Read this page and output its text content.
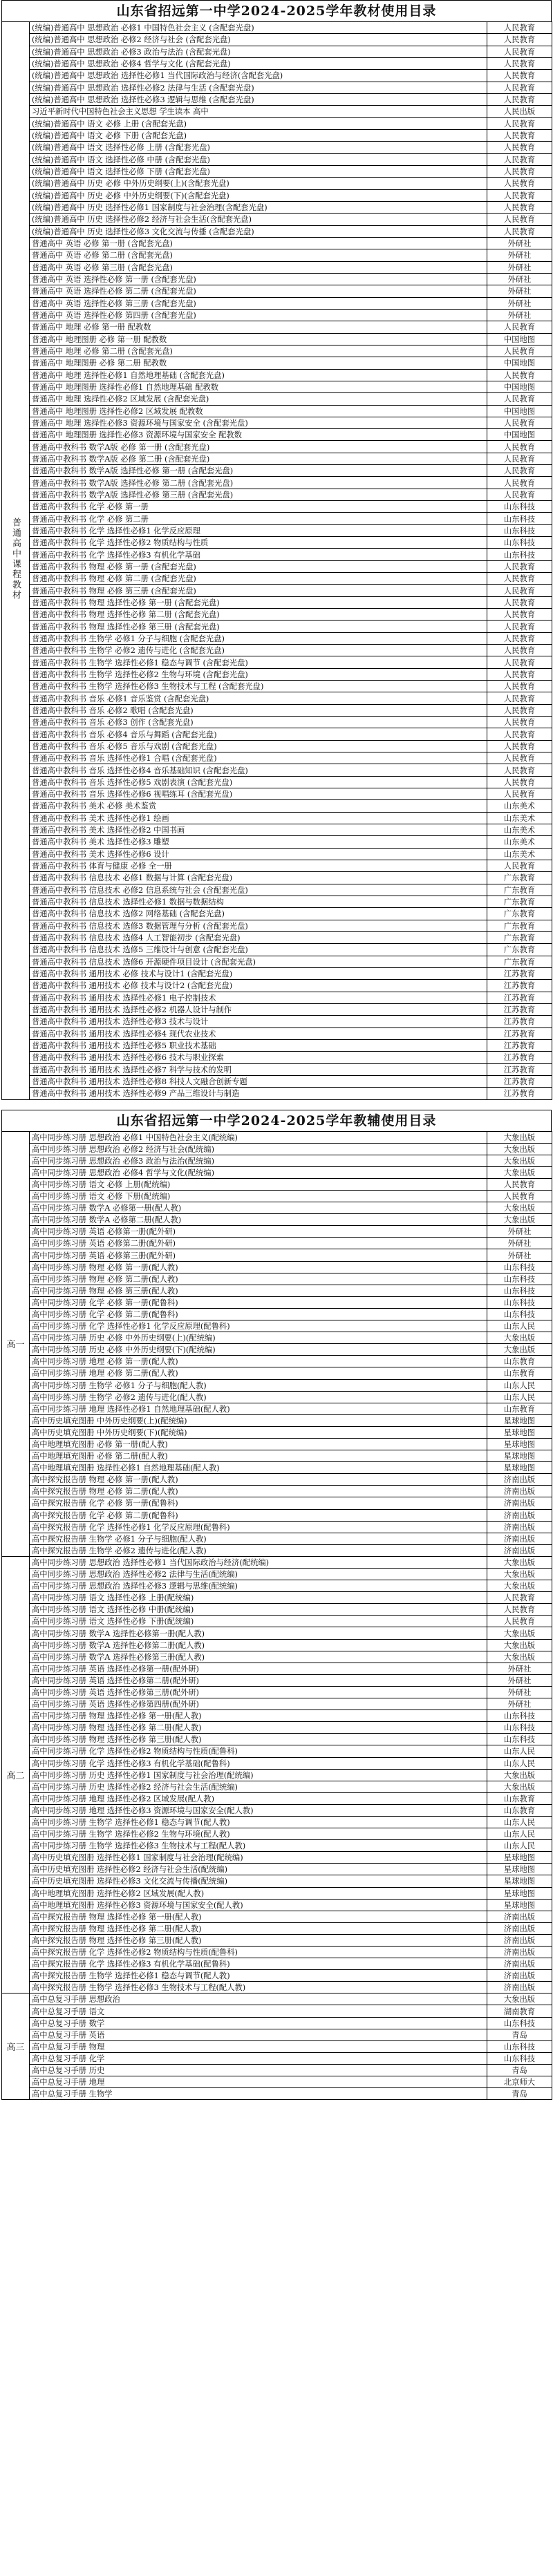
山东省招远第一中学2024-2025学年教材使用目录
普通高中课程教材	(统编)普通高中 思想政治 必修1 中国特色社会主义 (含配套光盘)	人民教育
	(统编)普通高中 思想政治 必修2 经济与社会 (含配套光盘)	人民教育
	(统编)普通高中 思想政治 必修3 政治与法治 (含配套光盘)	人民教育
	(统编)普通高中 思想政治 必修4 哲学与文化 (含配套光盘)	人民教育
	(统编)普通高中 思想政治 选择性必修1 当代国际政治与经济(含配套光盘)	人民教育
	(统编)普通高中 思想政治 选择性必修2 法律与生活 (含配套光盘)	人民教育
	(统编)普通高中 思想政治 选择性必修3 逻辑与思维 (含配套光盘)	人民教育
	习近平新时代中国特色社会主义思想 学生读本 高中	人民出版
	(统编)普通高中 语文 必修 上册 (含配套光盘)	人民教育
	(统编)普通高中 语文 必修 下册 (含配套光盘)	人民教育
	(统编)普通高中 语文 选择性必修 上册 (含配套光盘)	人民教育
	(统编)普通高中 语文 选择性必修 中册 (含配套光盘)	人民教育
	(统编)普通高中 语文 选择性必修 下册 (含配套光盘)	人民教育
	(统编)普通高中 历史 必修 中外历史纲要(上)(含配套光盘)	人民教育
	(统编)普通高中 历史 必修 中外历史纲要(下)(含配套光盘)	人民教育
	(统编)普通高中 历史 选择性必修1 国家制度与社会治理(含配套光盘)	人民教育
	(统编)普通高中 历史 选择性必修2 经济与社会生活(含配套光盘)	人民教育
	(统编)普通高中 历史 选择性必修3 文化交流与传播 (含配套光盘)	人民教育
	普通高中 英语 必修 第一册 (含配套光盘)	外研社
	普通高中 英语 必修 第二册 (含配套光盘)	外研社
	普通高中 英语 必修 第三册 (含配套光盘)	外研社
	普通高中 英语 选择性必修 第一册 (含配套光盘)	外研社
	普通高中 英语 选择性必修 第二册 (含配套光盘)	外研社
	普通高中 英语 选择性必修 第三册 (含配套光盘)	外研社
	普通高中 英语 选择性必修 第四册 (含配套光盘)	外研社
	普通高中 地理 必修 第一册 配教数	人民教育
	普通高中 地理图册 必修 第一册 配教数	中国地图
	普通高中 地理 必修 第二册 (含配套光盘)	人民教育
	普通高中 地理图册 必修 第二册 配教数	中国地图
	普通高中 地理 选择性必修1 自然地理基础 (含配套光盘)	人民教育
	普通高中 地理图册 选择性必修1 自然地理基础 配教数	中国地图
	普通高中 地理 选择性必修2 区域发展 (含配套光盘)	人民教育
	普通高中 地理图册 选择性必修2 区域发展 配教数	中国地图
	普通高中 地理 选择性必修3 资源环境与国家安全 (含配套光盘)	人民教育
	普通高中 地理图册 选择性必修3 资源环境与国家安全 配教数	中国地图
	普通高中教科书 数学A版 必修 第一册 (含配套光盘)	人民教育
	普通高中教科书 数学A版 必修 第二册 (含配套光盘)	人民教育
	普通高中教科书 数学A版 选择性必修 第一册 (含配套光盘)	人民教育
	普通高中教科书 数学A版 选择性必修 第二册 (含配套光盘)	人民教育
	普通高中教科书 数学A版 选择性必修 第三册 (含配套光盘)	人民教育
	普通高中教科书 化学 必修 第一册	山东科技
	普通高中教科书 化学 必修 第二册	山东科技
	普通高中教科书 化学 选择性必修1 化学反应原理	山东科技
	普通高中教科书 化学 选择性必修2 物质结构与性质	山东科技
	普通高中教科书 化学 选择性必修3 有机化学基础	山东科技
	普通高中教科书 物理 必修 第一册 (含配套光盘)	人民教育
	普通高中教科书 物理 必修 第二册 (含配套光盘)	人民教育
	普通高中教科书 物理 必修 第三册 (含配套光盘)	人民教育
	普通高中教科书 物理 选择性必修 第一册 (含配套光盘)	人民教育
	普通高中教科书 物理 选择性必修 第二册 (含配套光盘)	人民教育
	普通高中教科书 物理 选择性必修 第三册 (含配套光盘)	人民教育
	普通高中教科书 生物学 必修1 分子与细胞 (含配套光盘)	人民教育
	普通高中教科书 生物学 必修2 遗传与进化 (含配套光盘)	人民教育
	普通高中教科书 生物学 选择性必修1 稳态与调节 (含配套光盘)	人民教育
	普通高中教科书 生物学 选择性必修2 生物与环境 (含配套光盘)	人民教育
	普通高中教科书 生物学 选择性必修3 生物技术与工程 (含配套光盘)	人民教育
	普通高中教科书 音乐 必修1 音乐鉴赏 (含配套光盘)	人民教育
	普通高中教科书 音乐 必修2 歌唱 (含配套光盘)	人民教育
	普通高中教科书 音乐 必修3 创作 (含配套光盘)	人民教育
	普通高中教科书 音乐 必修4 音乐与舞蹈 (含配套光盘)	人民教育
	普通高中教科书 音乐 必修5 音乐与戏剧 (含配套光盘)	人民教育
	普通高中教科书 音乐 选择性必修1 合唱 (含配套光盘)	人民教育
	普通高中教科书 音乐 选择性必修4 音乐基础知识 (含配套光盘)	人民教育
	普通高中教科书 音乐 选择性必修5 戏剧表演 (含配套光盘)	人民教育
	普通高中教科书 音乐 选择性必修6 视唱练耳 (含配套光盘)	人民教育
	普通高中教科书 美术 必修 美术鉴赏	山东美术
	普通高中教科书 美术 选择性必修1 绘画	山东美术
	普通高中教科书 美术 选择性必修2 中国书画	山东美术
	普通高中教科书 美术 选择性必修3 雕塑	山东美术
	普通高中教科书 美术 选择性必修6 设计	山东美术
	普通高中教科书 体育与健康 必修 全一册	人民教育
	普通高中教科书 信息技术 必修1 数据与计算 (含配套光盘)	广东教育
	普通高中教科书 信息技术 必修2 信息系统与社会 (含配套光盘)	广东教育
	普通高中教科书 信息技术 选择性必修1 数据与数据结构	广东教育
	普通高中教科书 信息技术 选修2 网络基础 (含配套光盘)	广东教育
	普通高中教科书 信息技术 选修3 数据管理与分析 (含配套光盘)	广东教育
	普通高中教科书 信息技术 选修4 人工智能初步 (含配套光盘)	广东教育
	普通高中教科书 信息技术 选修5 三维设计与创意 (含配套光盘)	广东教育
	普通高中教科书 信息技术 选修6 开源硬件项目设计 (含配套光盘)	广东教育
	普通高中教科书 通用技术 必修 技术与设计1 (含配套光盘)	江苏教育
	普通高中教科书 通用技术 必修 技术与设计2 (含配套光盘)	江苏教育
	普通高中教科书 通用技术 选择性必修1 电子控制技术	江苏教育
	普通高中教科书 通用技术 选择性必修2 机器人设计与制作	江苏教育
	普通高中教科书 通用技术 选择性必修3 技术与设计	江苏教育
	普通高中教科书 通用技术 选择性必修4 现代农业技术	江苏教育
	普通高中教科书 通用技术 选择性必修5 职业技术基础	江苏教育
	普通高中教科书 通用技术 选择性必修6 技术与职业探索	江苏教育
	普通高中教科书 通用技术 选择性必修7 科学与技术的发明	江苏教育
	普通高中教科书 通用技术 选择性必修8 科技人文融合创新专题	江苏教育
	普通高中教科书 通用技术 选择性必修9 产品三维设计与制造	江苏教育
山东省招远第一中学2024-2025学年教辅使用目录
高一	高中同步练习册 思想政治 必修1 中国特色社会主义(配统编)	大象出版
	高中同步练习册 思想政治 必修2 经济与社会(配统编)	大象出版
	高中同步练习册 思想政治 必修3 政治与法治(配统编)	大象出版
	高中同步练习册 思想政治 必修4 哲学与文化(配统编)	大象出版
	高中同步练习册 语文 必修 上册(配统编)	人民教育
	高中同步练习册 语文 必修 下册(配统编)	人民教育
	高中同步练习册 数学A 必修第一册(配人教)	大象出版
	高中同步练习册 数学A 必修第二册(配人教)	大象出版
	高中同步练习册 英语 必修第一册(配外研)	外研社
	高中同步练习册 英语 必修第二册(配外研)	外研社
	高中同步练习册 英语 必修第三册(配外研)	外研社
	高中同步练习册 物理 必修 第一册(配人教)	山东科技
	高中同步练习册 物理 必修 第二册(配人教)	山东科技
	高中同步练习册 物理 必修 第三册(配人教)	山东科技
	高中同步练习册 化学 必修 第一册(配鲁科)	山东科技
	高中同步练习册 化学 必修 第二册(配鲁科)	山东科技
	高中同步练习册 化学 选择性必修1 化学反应原理(配鲁科)	山东人民
	高中同步练习册 历史 必修 中外历史纲要(上)(配统编)	大象出版
	高中同步练习册 历史 必修 中外历史纲要(下)(配统编)	大象出版
	高中同步练习册 地理 必修 第一册(配人教)	山东教育
	高中同步练习册 地理 必修 第二册(配人教)	山东教育
	高中同步练习册 生物学 必修1 分子与细胞(配人教)	山东人民
	高中同步练习册 生物学 必修2 遗传与进化(配人教)	山东人民
	高中同步练习册 地理 选择性必修1 自然地理基础(配人教)	山东教育
	高中历史填充图册 中外历史纲要(上)(配统编)	星球地图
	高中历史填充图册 中外历史纲要(下)(配统编)	星球地图
	高中地理填充图册 必修 第一册(配人教)	星球地图
	高中地理填充图册 必修 第二册(配人教)	星球地图
	高中地理填充图册 选择性必修1 自然地理基础(配人教)	星球地图
	高中探究报告册 物理 必修 第一册(配人教)	济南出版
	高中探究报告册 物理 必修 第二册(配人教)	济南出版
	高中探究报告册 化学 必修 第一册(配鲁科)	济南出版
	高中探究报告册 化学 必修 第二册(配鲁科)	济南出版
	高中探究报告册 化学 选择性必修1 化学反应原理(配鲁科)	济南出版
	高中探究报告册 生物学 必修1 分子与细胞(配人教)	济南出版
	高中探究报告册 生物学 必修2 遗传与进化(配人教)	济南出版
高二	高中同步练习册 思想政治 选择性必修1 当代国际政治与经济(配统编)	大象出版
	高中同步练习册 思想政治 选择性必修2 法律与生活(配统编)	大象出版
	高中同步练习册 思想政治 选择性必修3 逻辑与思维(配统编)	大象出版
	高中同步练习册 语文 选择性必修 上册(配统编)	人民教育
	高中同步练习册 语文 选择性必修 中册(配统编)	人民教育
	高中同步练习册 语文 选择性必修 下册(配统编)	人民教育
	高中同步练习册 数学A 选择性必修第一册(配人教)	大象出版
	高中同步练习册 数学A 选择性必修第二册(配人教)	大象出版
	高中同步练习册 数学A 选择性必修第三册(配人教)	大象出版
	高中同步练习册 英语 选择性必修第一册(配外研)	外研社
	高中同步练习册 英语 选择性必修第二册(配外研)	外研社
	高中同步练习册 英语 选择性必修第三册(配外研)	外研社
	高中同步练习册 英语 选择性必修第四册(配外研)	外研社
	高中同步练习册 物理 选择性必修 第一册(配人教)	山东科技
	高中同步练习册 物理 选择性必修 第二册(配人教)	山东科技
	高中同步练习册 物理 选择性必修 第三册(配人教)	山东科技
	高中同步练习册 化学 选择性必修2 物质结构与性质(配鲁科)	山东人民
	高中同步练习册 化学 选择性必修3 有机化学基础(配鲁科)	山东人民
	高中同步练习册 历史 选择性必修1 国家制度与社会治理(配统编)	大象出版
	高中同步练习册 历史 选择性必修2 经济与社会生活(配统编)	大象出版
	高中同步练习册 地理 选择性必修2 区域发展(配人教)	山东教育
	高中同步练习册 地理 选择性必修3 资源环境与国家安全(配人教)	山东教育
	高中同步练习册 生物学 选择性必修1 稳态与调节(配人教)	山东人民
	高中同步练习册 生物学 选择性必修2 生物与环境(配人教)	山东人民
	高中同步练习册 生物学 选择性必修3 生物技术与工程(配人教)	山东人民
	高中历史填充图册 选择性必修1 国家制度与社会治理(配统编)	星球地图
	高中历史填充图册 选择性必修2 经济与社会生活(配统编)	星球地图
	高中历史填充图册 选择性必修3 文化交流与传播(配统编)	星球地图
	高中地理填充图册 选择性必修2 区域发展(配人教)	星球地图
	高中地理填充图册 选择性必修3 资源环境与国家安全(配人教)	星球地图
	高中探究报告册 物理 选择性必修 第一册(配人教)	济南出版
	高中探究报告册 物理 选择性必修 第二册(配人教)	济南出版
	高中探究报告册 物理 选择性必修 第三册(配人教)	济南出版
	高中探究报告册 化学 选择性必修2 物质结构与性质(配鲁科)	济南出版
	高中探究报告册 化学 选择性必修3 有机化学基础(配鲁科)	济南出版
	高中探究报告册 生物学 选择性必修1 稳态与调节(配人教)	济南出版
	高中探究报告册 生物学 选择性必修3 生物技术与工程(配人教)	济南出版
高三	高中总复习手册 思想政治	大象出版
	高中总复习手册 语文	湖南教育
	高中总复习手册 数学	山东科技
	高中总复习手册 英语	青岛
	高中总复习手册 物理	山东科技
	高中总复习手册 化学	山东科技
	高中总复习手册 历史	青岛
	高中总复习手册 地理	北京师大
	高中总复习手册 生物学	青岛
